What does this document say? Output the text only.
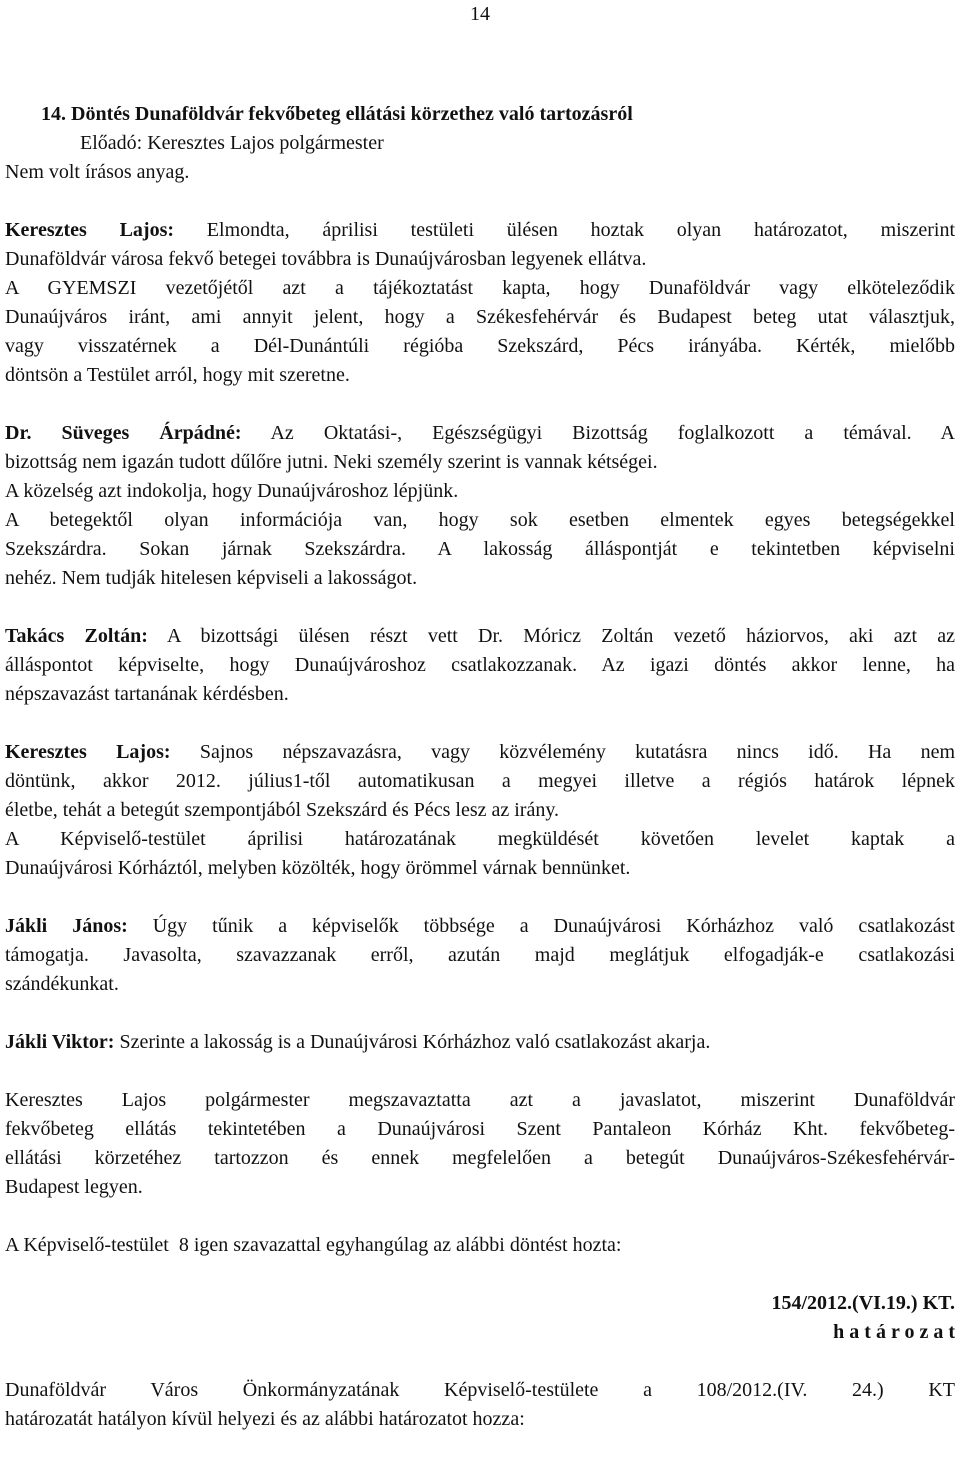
14
14. Döntés Dunaföldvár fekvőbeteg ellátási körzethez való tartozásról
Előadó: Keresztes Lajos polgármester
Nem volt írásos anyag.
Keresztes Lajos: Elmondta, áprilisi testületi ülésen hoztak olyan határozatot, miszerint
Dunaföldvár városa fekvő betegei továbbra is Dunaújvárosban legyenek ellátva.
A GYEMSZI vezetőjétől azt a tájékoztatást kapta, hogy Dunaföldvár vagy elköteleződik
Dunaújváros iránt, ami annyit jelent, hogy a Székesfehérvár és Budapest beteg utat választjuk,
vagy visszatérnek a Dél-Dunántúli régióba Szekszárd, Pécs irányába. Kérték, mielőbb
döntsön a Testület arról, hogy mit szeretne.
Dr. Süveges Árpádné: Az Oktatási-, Egészségügyi Bizottság foglalkozott a témával. A
bizottság nem igazán tudott dűlőre jutni. Neki személy szerint is vannak kétségei.
A közelség azt indokolja, hogy Dunaújvároshoz lépjünk.
A betegektől olyan információja van, hogy sok esetben elmentek egyes betegségekkel
Szekszárdra. Sokan járnak Szekszárdra. A lakosság álláspontját e tekintetben képviselni
nehéz. Nem tudják hitelesen képviseli a lakosságot.
Takács Zoltán: A bizottsági ülésen részt vett Dr. Móricz Zoltán vezető háziorvos, aki azt az
álláspontot képviselte, hogy Dunaújvároshoz csatlakozzanak. Az igazi döntés akkor lenne, ha
népszavazást tartanának kérdésben.
Keresztes Lajos: Sajnos népszavazásra, vagy közvélemény kutatásra nincs idő. Ha nem
döntünk, akkor 2012. július1-től automatikusan a megyei illetve a régiós határok lépnek
életbe, tehát a betegút szempontjából Szekszárd és Pécs lesz az irány.
A Képviselő-testület áprilisi határozatának megküldését követően levelet kaptak a
Dunaújvárosi Kórháztól, melyben közölték, hogy örömmel várnak bennünket.
Jákli János: Úgy tűnik a képviselők többsége a Dunaújvárosi Kórházhoz való csatlakozást
támogatja. Javasolta, szavazzanak erről, azután majd meglátjuk elfogadják-e csatlakozási
szándékunkat.
Jákli Viktor: Szerinte a lakosság is a Dunaújvárosi Kórházhoz való csatlakozást akarja.
Keresztes Lajos polgármester megszavaztatta azt a javaslatot, miszerint Dunaföldvár
fekvőbeteg ellátás tekintetében a Dunaújvárosi Szent Pantaleon Kórház Kht. fekvőbeteg-
ellátási körzetéhez tartozzon és ennek megfelelően a betegút Dunaújváros-Székesfehérvár-
Budapest legyen.
A Képviselő-testület  8 igen szavazattal egyhangúlag az alábbi döntést hozta:
154/2012.(VI.19.) KT.
h a t á r o z a t
Dunaföldvár Város Önkormányzatának Képviselő-testülete a 108/2012.(IV. 24.) KT
határozatát hatályon kívül helyezi és az alábbi határozatot hozza:
